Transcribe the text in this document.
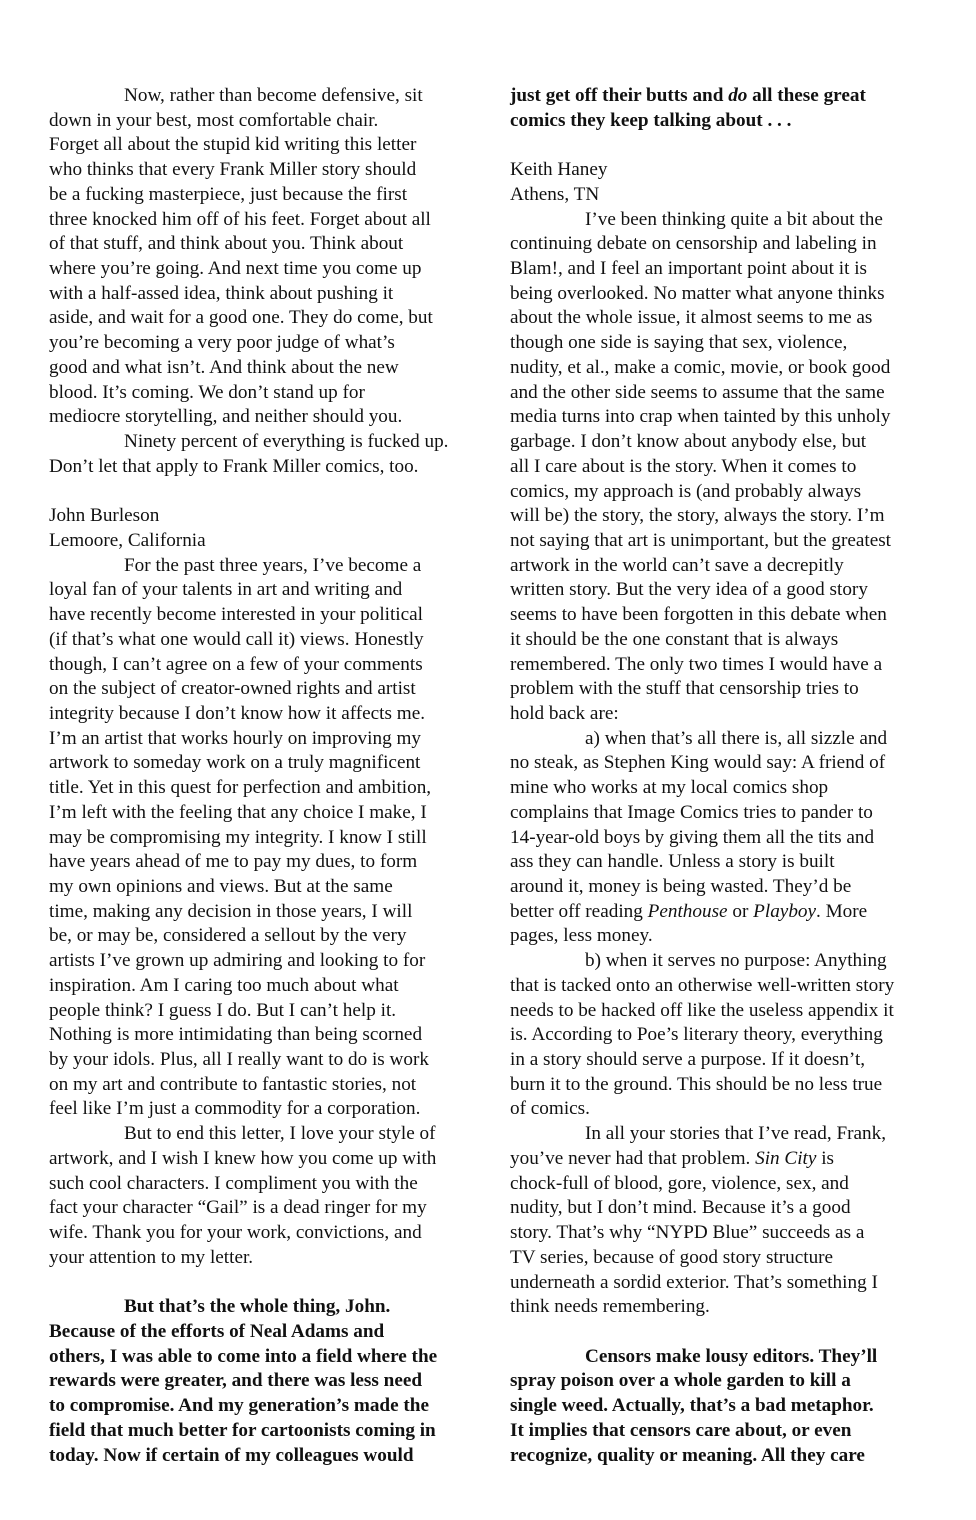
Now, rather than become defensive, sit
down in your best, most comfortable chair.
Forget all about the stupid kid writing this letter
who thinks that every Frank Miller story should
be a fucking masterpiece, just because the first
three knocked him off of his feet. Forget about all
of that stuff, and think about you. Think about
where you’re going. And next time you come up
with a half-assed idea, think about pushing it
aside, and wait for a good one. They do come, but
you’re becoming a very poor judge of what’s
good and what isn’t. And think about the new
blood. It’s coming. We don’t stand up for
mediocre storytelling, and neither should you.
Ninety percent of everything is fucked up.
Don’t let that apply to Frank Miller comics, too.
John Burleson
Lemoore, California
For the past three years, I’ve become a
loyal fan of your talents in art and writing and
have recently become interested in your political
(if that’s what one would call it) views. Honestly
though, I can’t agree on a few of your comments
on the subject of creator-owned rights and artist
integrity because I don’t know how it affects me.
I’m an artist that works hourly on improving my
artwork to someday work on a truly magnificent
title. Yet in this quest for perfection and ambition,
I’m left with the feeling that any choice I make, I
may be compromising my integrity. I know I still
have years ahead of me to pay my dues, to form
my own opinions and views. But at the same
time, making any decision in those years, I will
be, or may be, considered a sellout by the very
artists I’ve grown up admiring and looking to for
inspiration. Am I caring too much about what
people think? I guess I do. But I can’t help it.
Nothing is more intimidating than being scorned
by your idols. Plus, all I really want to do is work
on my art and contribute to fantastic stories, not
feel like I’m just a commodity for a corporation.
But to end this letter, I love your style of
artwork, and I wish I knew how you come up with
such cool characters. I compliment you with the
fact your character “Gail” is a dead ringer for my
wife. Thank you for your work, convictions, and
your attention to my letter.
But that’s the whole thing, John.
Because of the efforts of Neal Adams and
others, I was able to come into a field where the
rewards were greater, and there was less need
to compromise. And my generation’s made the
field that much better for cartoonists coming in
today. Now if certain of my colleagues would
just get off their butts and do all these great
comics they keep talking about . . .
Keith Haney
Athens, TN
I’ve been thinking quite a bit about the
continuing debate on censorship and labeling in
Blam!, and I feel an important point about it is
being overlooked. No matter what anyone thinks
about the whole issue, it almost seems to me as
though one side is saying that sex, violence,
nudity, et al., make a comic, movie, or book good
and the other side seems to assume that the same
media turns into crap when tainted by this unholy
garbage. I don’t know about anybody else, but
all I care about is the story. When it comes to
comics, my approach is (and probably always
will be) the story, the story, always the story. I’m
not saying that art is unimportant, but the greatest
artwork in the world can’t save a decrepitly
written story. But the very idea of a good story
seems to have been forgotten in this debate when
it should be the one constant that is always
remembered. The only two times I would have a
problem with the stuff that censorship tries to
hold back are:
a) when that’s all there is, all sizzle and
no steak, as Stephen King would say: A friend of
mine who works at my local comics shop
complains that Image Comics tries to pander to
14-year-old boys by giving them all the tits and
ass they can handle. Unless a story is built
around it, money is being wasted. They’d be
better off reading Penthouse or Playboy. More
pages, less money.
b) when it serves no purpose: Anything
that is tacked onto an otherwise well-written story
needs to be hacked off like the useless appendix it
is. According to Poe’s literary theory, everything
in a story should serve a purpose. If it doesn’t,
burn it to the ground. This should be no less true
of comics.
In all your stories that I’ve read, Frank,
you’ve never had that problem. Sin City is
chock-full of blood, gore, violence, sex, and
nudity, but I don’t mind. Because it’s a good
story. That’s why “NYPD Blue” succeeds as a
TV series, because of good story structure
underneath a sordid exterior. That’s something I
think needs remembering.
Censors make lousy editors. They’ll
spray poison over a whole garden to kill a
single weed. Actually, that’s a bad metaphor.
It implies that censors care about, or even
recognize, quality or meaning. All they care
